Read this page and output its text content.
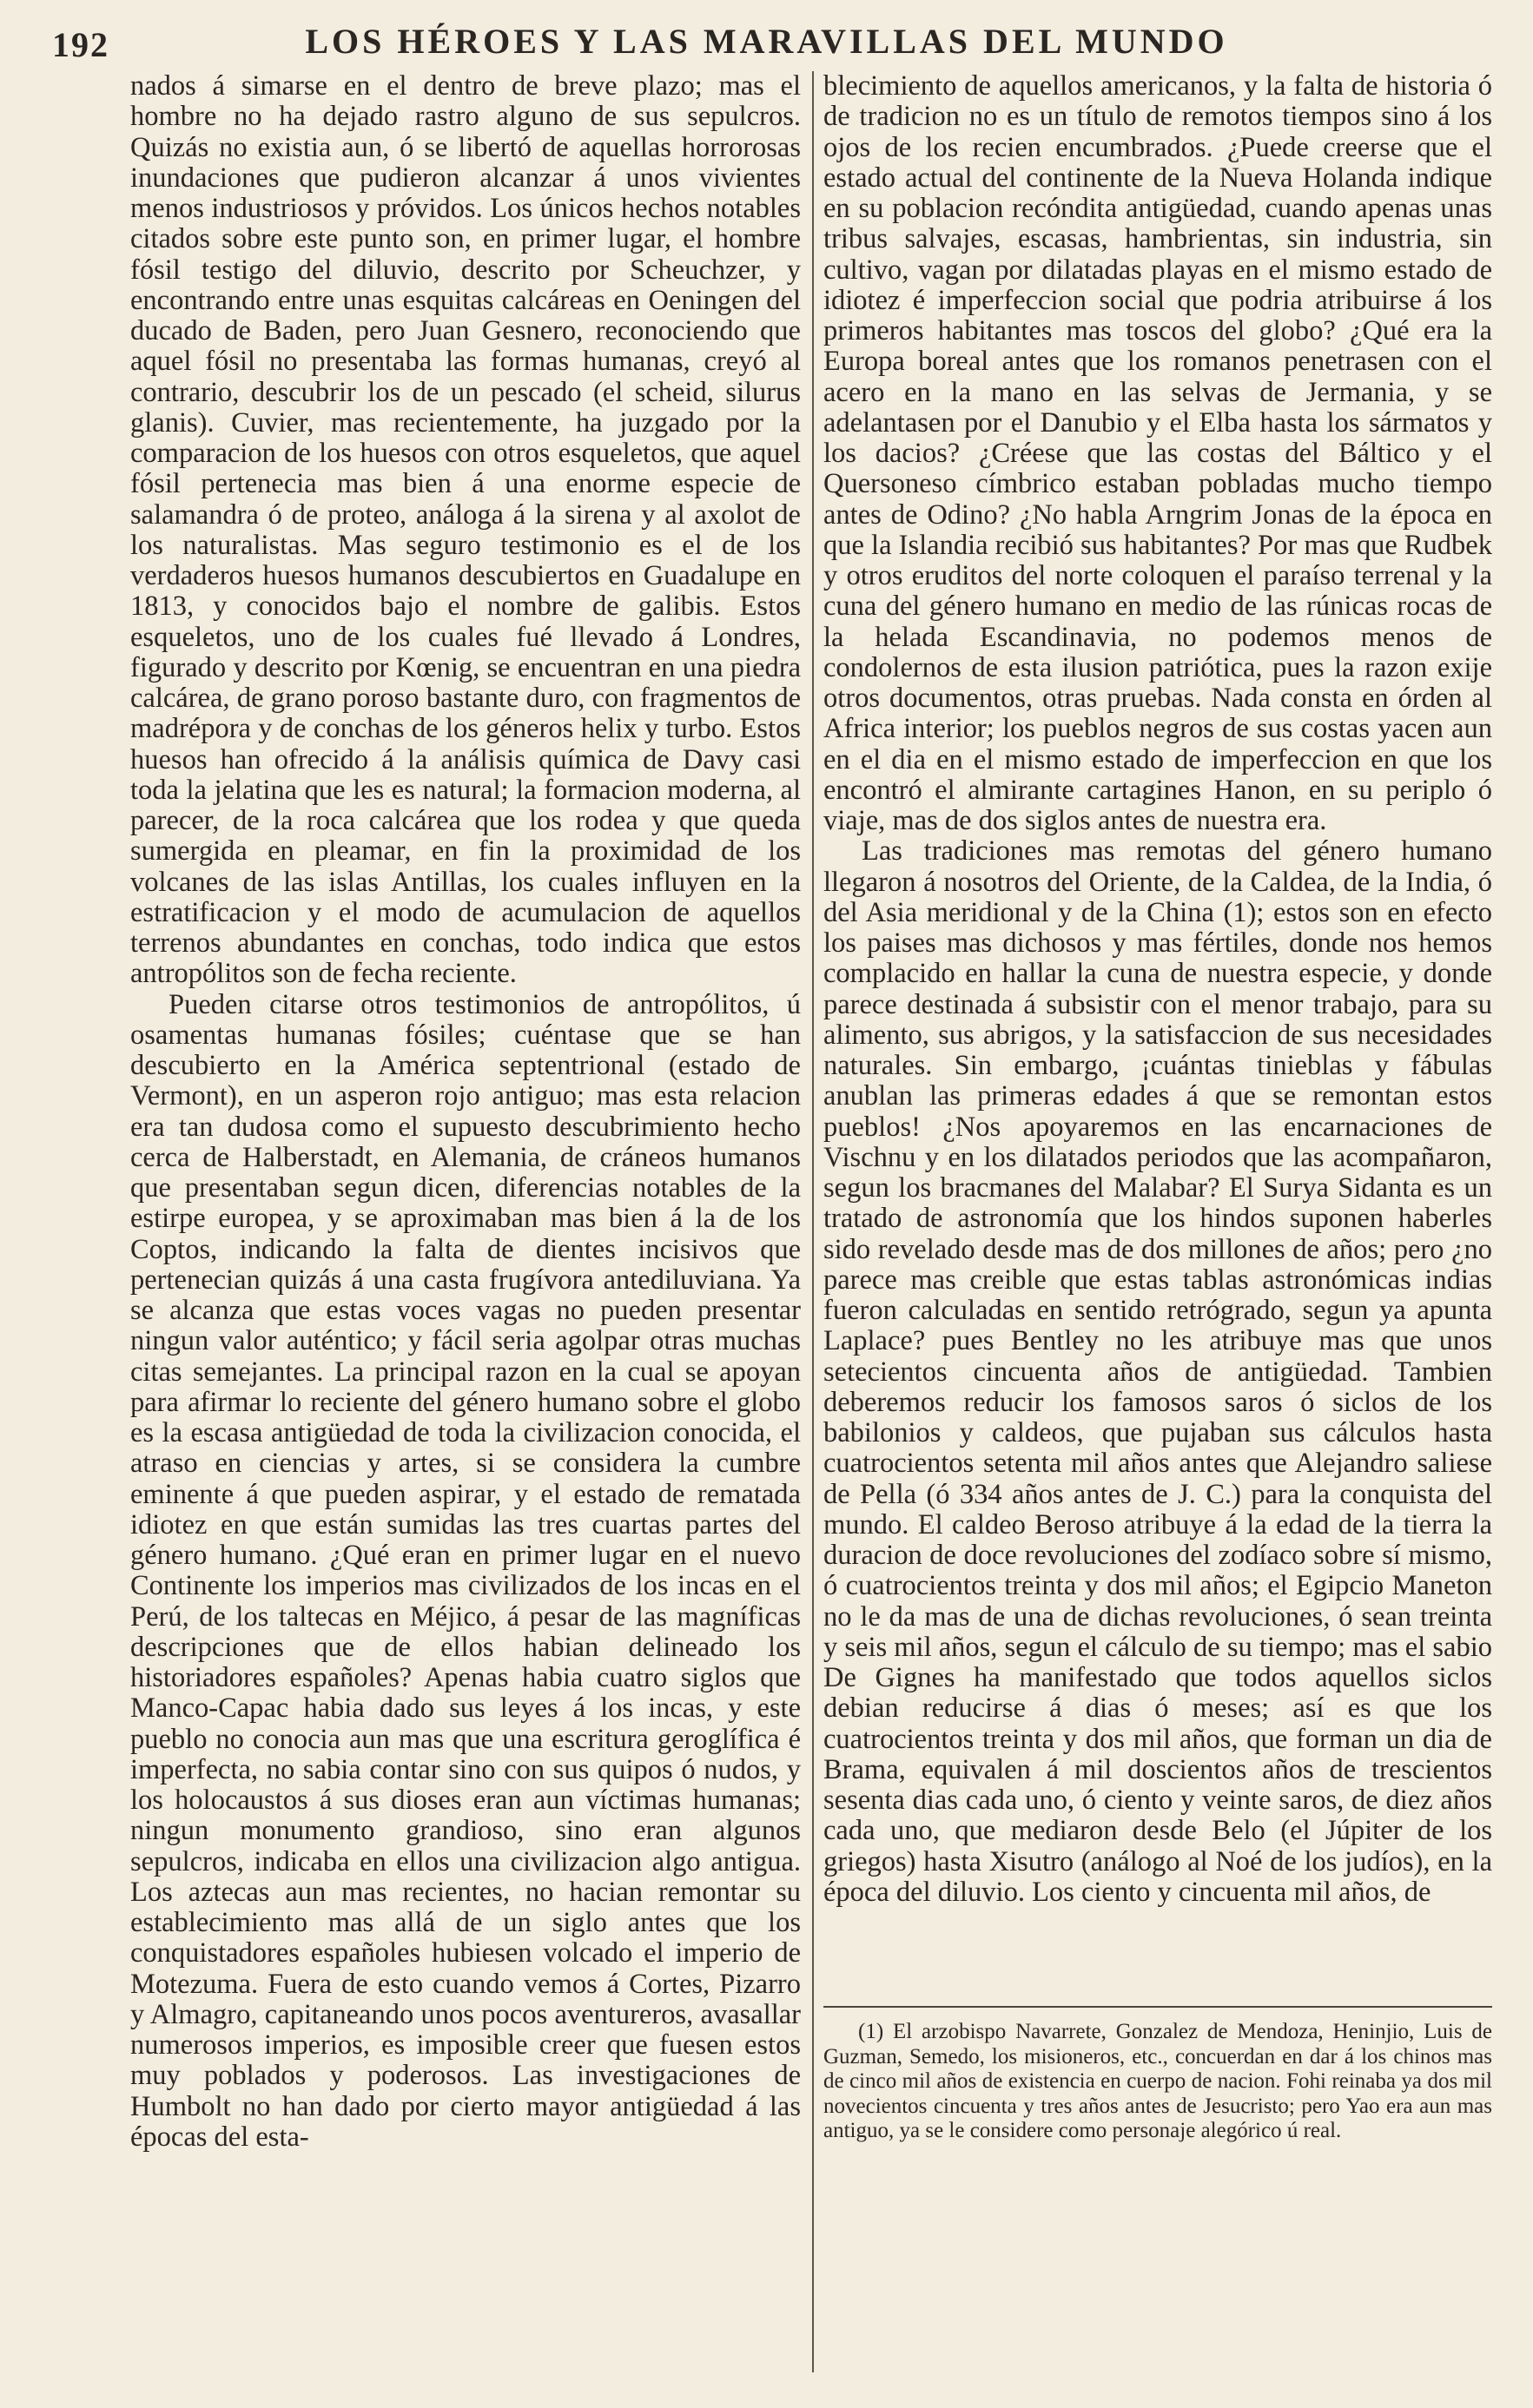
192	LOS HÉROES Y LAS MARAVILLAS DEL MUNDO

nados á simarse en el dentro de breve plazo; mas el hombre no ha dejado rastro alguno de sus sepulcros. Quizás no existia aun, ó se libertó de aquellas horrorosas inundaciones que pudieron alcanzar á unos vivientes menos industriosos y próvidos. Los únicos hechos notables citados sobre este punto son, en primer lugar, el hombre fósil testigo del diluvio, descrito por Scheuchzer, y encontrando entre unas esquitas calcáreas en Oeningen del ducado de Baden, pero Juan Gesnero, reconociendo que aquel fósil no presentaba las formas humanas, creyó al contrario, descubrir los de un pescado (el scheid, silurus glanis). Cuvier, mas recientemente, ha juzgado por la comparacion de los huesos con otros esqueletos, que aquel fósil pertenecia mas bien á una enorme especie de salamandra ó de proteo, análoga á la sirena y al axolot de los naturalistas. Mas seguro testimonio es el de los verdaderos huesos humanos descubiertos en Guadalupe en 1813, y conocidos bajo el nombre de galibis. Estos esqueletos, uno de los cuales fué llevado á Londres, figurado y descrito por Kœnig, se encuentran en una piedra calcárea, de grano poroso bastante duro, con fragmentos de madrépora y de conchas de los géneros helix y turbo. Estos huesos han ofrecido á la análisis química de Davy casi toda la jelatina que les es natural; la formacion moderna, al parecer, de la roca calcárea que los rodea y que queda sumergida en pleamar, en fin la proximidad de los volcanes de las islas Antillas, los cuales influyen en la estratificacion y el modo de acumulacion de aquellos terrenos abundantes en conchas, todo indica que estos antropólitos son de fecha reciente.

Pueden citarse otros testimonios de antropólitos, ú osamentas humanas fósiles; cuéntase que se han descubierto en la América septentrional (estado de Vermont), en un asperon rojo antiguo; mas esta relacion era tan dudosa como el supuesto descubrimiento hecho cerca de Halberstadt, en Alemania, de cráneos humanos que presentaban segun dicen, diferencias notables de la estirpe europea, y se aproximaban mas bien á la de los Coptos, indicando la falta de dientes incisivos que pertenecian quizás á una casta frugívora antediluviana. Ya se alcanza que estas voces vagas no pueden presentar ningun valor auténtico; y fácil seria agolpar otras muchas citas semejantes. La principal razon en la cual se apoyan para afirmar lo reciente del género humano sobre el globo es la escasa antigüedad de toda la civilizacion conocida, el atraso en ciencias y artes, si se considera la cumbre eminente á que pueden aspirar, y el estado de rematada idiotez en que están sumidas las tres cuartas partes del género humano. ¿Qué eran en primer lugar en el nuevo Continente los imperios mas civilizados de los incas en el Perú, de los taltecas en Méjico, á pesar de las magníficas descripciones que de ellos habian delineado los historiadores españoles? Apenas habia cuatro siglos que Manco-Capac habia dado sus leyes á los incas, y este pueblo no conocia aun mas que una escritura geroglífica é imperfecta, no sabia contar sino con sus quipos ó nudos, y los holocaustos á sus dioses eran aun víctimas humanas; ningun monumento grandioso, sino eran algunos sepulcros, indicaba en ellos una civilizacion algo antigua. Los aztecas aun mas recientes, no hacian remontar su establecimiento mas allá de un siglo antes que los conquistadores españoles hubiesen volcado el imperio de Motezuma. Fuera de esto cuando vemos á Cortes, Pizarro y Almagro, capitaneando unos pocos aventureros, avasallar numerosos imperios, es imposible creer que fuesen estos muy poblados y poderosos. Las investigaciones de Humbolt no han dado por cierto mayor antigüedad á las épocas del esta-

blecimiento de aquellos americanos, y la falta de historia ó de tradicion no es un título de remotos tiempos sino á los ojos de los recien encumbrados. ¿Puede creerse que el estado actual del continente de la Nueva Holanda indique en su poblacion recóndita antigüedad, cuando apenas unas tribus salvajes, escasas, hambrientas, sin industria, sin cultivo, vagan por dilatadas playas en el mismo estado de idiotez é imperfeccion social que podria atribuirse á los primeros habitantes mas toscos del globo? ¿Qué era la Europa boreal antes que los romanos penetrasen con el acero en la mano en las selvas de Jermania, y se adelantasen por el Danubio y el Elba hasta los sármatos y los dacios? ¿Créese que las costas del Báltico y el Quersoneso címbrico estaban pobladas mucho tiempo antes de Odino? ¿No habla Arngrim Jonas de la época en que la Islandia recibió sus habitantes? Por mas que Rudbek y otros eruditos del norte coloquen el paraíso terrenal y la cuna del género humano en medio de las rúnicas rocas de la helada Escandinavia, no podemos menos de condolernos de esta ilusion patriótica, pues la razon exije otros documentos, otras pruebas. Nada consta en órden al Africa interior; los pueblos negros de sus costas yacen aun en el dia en el mismo estado de imperfeccion en que los encontró el almirante cartagines Hanon, en su periplo ó viaje, mas de dos siglos antes de nuestra era.

Las tradiciones mas remotas del género humano llegaron á nosotros del Oriente, de la Caldea, de la India, ó del Asia meridional y de la China (1); estos son en efecto los paises mas dichosos y mas fértiles, donde nos hemos complacido en hallar la cuna de nuestra especie, y donde parece destinada á subsistir con el menor trabajo, para su alimento, sus abrigos, y la satisfaccion de sus necesidades naturales. Sin embargo, ¡cuántas tinieblas y fábulas anublan las primeras edades á que se remontan estos pueblos! ¿Nos apoyaremos en las encarnaciones de Vischnu y en los dilatados periodos que las acompañaron, segun los bracmanes del Malabar? El Surya Sidanta es un tratado de astronomía que los hindos suponen haberles sido revelado desde mas de dos millones de años; pero ¿no parece mas creible que estas tablas astronómicas indias fueron calculadas en sentido retrógrado, segun ya apunta Laplace? pues Bentley no les atribuye mas que unos setecientos cincuenta años de antigüedad. Tambien deberemos reducir los famosos saros ó siclos de los babilonios y caldeos, que pujaban sus cálculos hasta cuatrocientos setenta mil años antes que Alejandro saliese de Pella (ó 334 años antes de J. C.) para la conquista del mundo. El caldeo Beroso atribuye á la edad de la tierra la duracion de doce revoluciones del zodíaco sobre sí mismo, ó cuatrocientos treinta y dos mil años; el Egipcio Maneton no le da mas de una de dichas revoluciones, ó sean treinta y seis mil años, segun el cálculo de su tiempo; mas el sabio De Gignes ha manifestado que todos aquellos siclos debian reducirse á dias ó meses; así es que los cuatrocientos treinta y dos mil años, que forman un dia de Brama, equivalen á mil doscientos años de trescientos sesenta dias cada uno, ó ciento y veinte saros, de diez años cada uno, que mediaron desde Belo (el Júpiter de los griegos) hasta Xisutro (análogo al Noé de los judíos), en la época del diluvio. Los ciento y cincuenta mil años, de

(1) El arzobispo Navarrete, Gonzalez de Mendoza, Heninjio, Luis de Guzman, Semedo, los misioneros, etc., concuerdan en dar á los chinos mas de cinco mil años de existencia en cuerpo de nacion. Fohi reinaba ya dos mil novecientos cincuenta y tres años antes de Jesucristo; pero Yao era aun mas antiguo, ya se le considere como personaje alegórico ú real.
